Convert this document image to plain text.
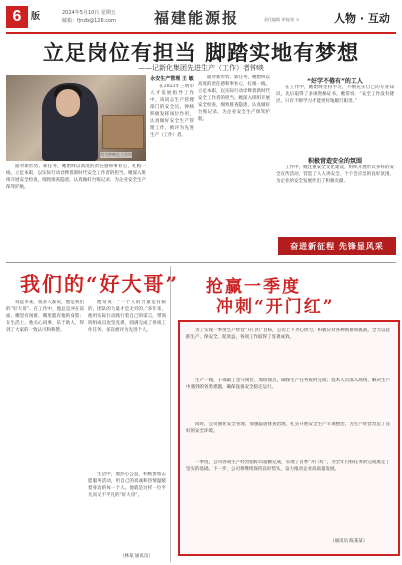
6	版	2024年5月10日 星期五
邮箱：fjnzb@126.com	福建能源报	责任编辑 审校/张 ×	人物 · 互动
立足岗位有担当 脚踏实地有梦想
——记新化集团先进生产（工作）者钟映
图为钟映在工作中
永安生产管理 王 敏

在2023年三明市人才发展指导工作中，该同志生产管理部门的安全员，钟映积极发挥岗位作用，认真做好安全生产管理工作，被评为先进生产（工作）者。

面对新形势、新任务，她始终以高度的责任感和事业心，扎根一线，立足本职，以实际行动诠释着新时代安全工作者的担当。她深入班组开展安全检查，细致排查隐患，认真做好台账记录，为企业安全生产保驾护航。

“好学不倦有”的工人

在工作中，她始终坚持学习，不断充实自己的专业知识，先后取得了多项资格证书。她常说：“安全工作没有捷径，只有不断学习才能更好地履行职责。”

积极营造安全的氛围

工作中，她注重安全文化建设，组织开展形式多样的安全宣传活动，营造了人人讲安全、个个会应急的良好氛围，为企业的安全发展作出了积极贡献。

面对新形势、新任务，她始终以高度的责任感和事业心，扎根一线，立足本职，以实际行动诠释着新时代安全工作者的担当。她深入班组开展安全检查，细致排查隐患，认真做好台账记录，为企业安全生产保驾护航。

奋进新征程 先锋显风采
我们的“好大哥”

说起李某，很多人都说，他是我们的“好大哥”。在工作中，他总是冲在前面，哪里有困难，哪里就有他的身影；在生活上，他关心同事，乐于助人，得到了大家的一致认可和称赞。

他常说：“一个人的力量是有限的，团队的力量才是无穷的。”多年来，他用实际行动践行着自己的诺言，带领班组成员攻坚克难，圆满完成了各项工作任务，多次被评为先进个人。

生活中，他热心公益，积极参加志愿服务活动，用自己的真诚和热情温暖着身边的每一个人。他就是这样一位平凡而又不平凡的“好大哥”。

（林某 通讯员）
抢赢一季度
冲刺“开门红”

为了实现一季度生产经营“开门红”目标，公司上下齐心协力，积极应对各种困难和挑战，全力以赴抓生产、保安全、促效益，各项工作取得了显著成效。

生产一线，干部职工坚守岗位，加班加点，确保生产任务按时完成；技术人员深入现场，解决生产中遇到的各类难题，确保设备安全稳定运行。

同时，公司强化安全管理，加强隐患排查治理，扎实开展安全生产专项整治，为生产经营营造了良好的安全环境。

一季度，公司各项生产经营指标均超额完成，实现了首季“开门红”，为全年目标任务的完成奠定了坚实的基础。下一步，公司将继续保持良好势头，奋力推动企业高质量发展。

（通讯员 陈某某）
